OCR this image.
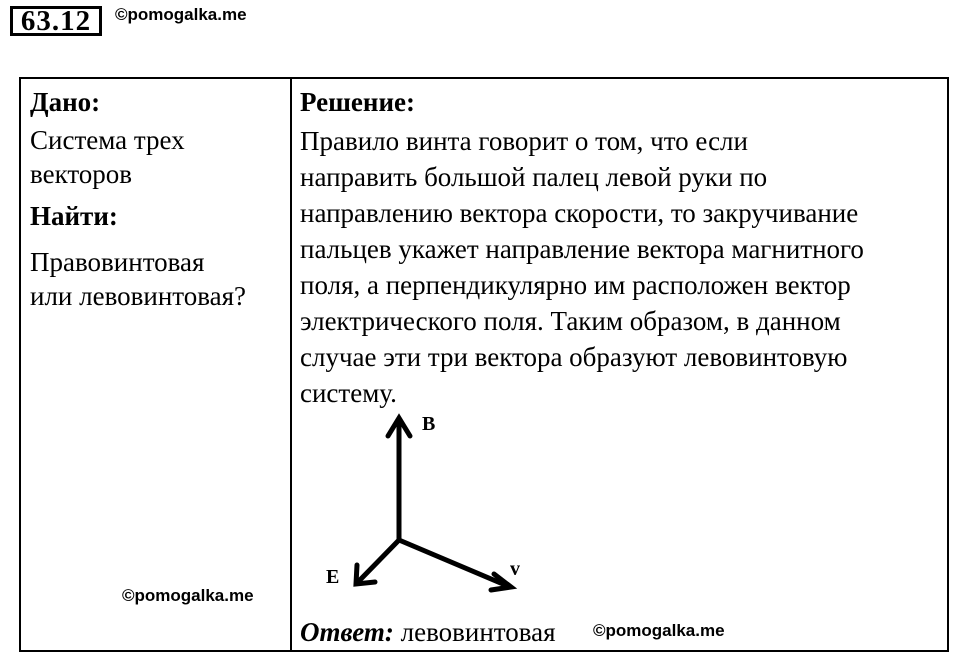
63.12	©pomogalka.me
Дано:
Система трех
векторов
Найти:
Правовинтовая
или левовинтовая?
Решение:
Правило винта говорит о том, что если
направить большой палец левой руки по
направлению вектора скорости, то закручивание
пальцев укажет направление вектора магнитного
поля, а перпендикулярно им расположен вектор
электрического поля. Таким образом, в данном
случае эти три вектора образуют левовинтовую
систему.
Ответ: левовинтовая
B
E	v
©pomogalka.me
©pomogalka.me
